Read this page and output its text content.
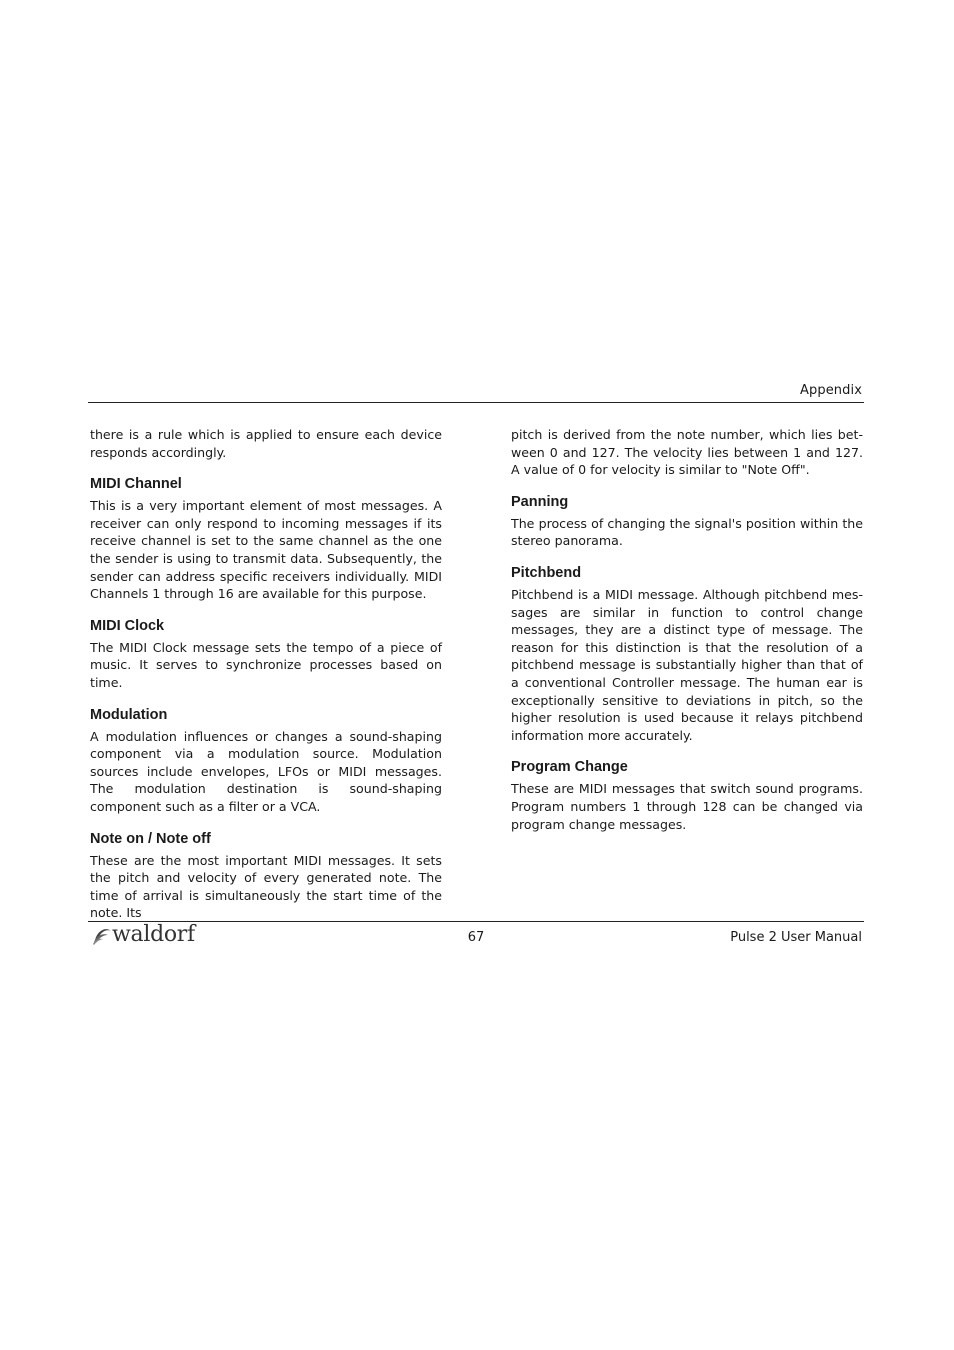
Appendix

there is a rule which is applied to ensure each device responds accordingly.

MIDI Channel

This is a very important element of most messages. A receiver can only respond to incoming messages if its receive channel is set to the same channel as the one the sender is using to transmit data. Subsequently, the sender can address specific receivers individually. MIDI Channels 1 through 16 are available for this purpose.

MIDI Clock

The MIDI Clock message sets the tempo of a piece of music. It serves to synchronize processes based on time.

Modulation

A modulation influences or changes a sound-shaping component via a modulation source. Modulation sources include envelopes, LFOs or MIDI messages. The modulation destination is sound-shaping component such as a filter or a VCA.

Note on / Note off

These are the most important MIDI messages. It sets the pitch and velocity of every generated note. The time of arrival is simultaneously the start time of the note. Its

pitch is derived from the note number, which lies between 0 and 127. The velocity lies between 1 and 127. A value of 0 for velocity is similar to "Note Off".

Panning

The process of changing the signal's position within the stereo panorama.

Pitchbend

Pitchbend is a MIDI message. Although pitchbend messages are similar in function to control change messages, they are a distinct type of message. The reason for this distinction is that the resolution of a pitchbend message is substantially higher than that of a conventional Controller message. The human ear is exceptionally sensitive to deviations in pitch, so the higher resolution is used because it relays pitchbend information more accurately.

Program Change

These are MIDI messages that switch sound programs. Program numbers 1 through 128 can be changed via program change messages.

waldorf	67	Pulse 2 User Manual
